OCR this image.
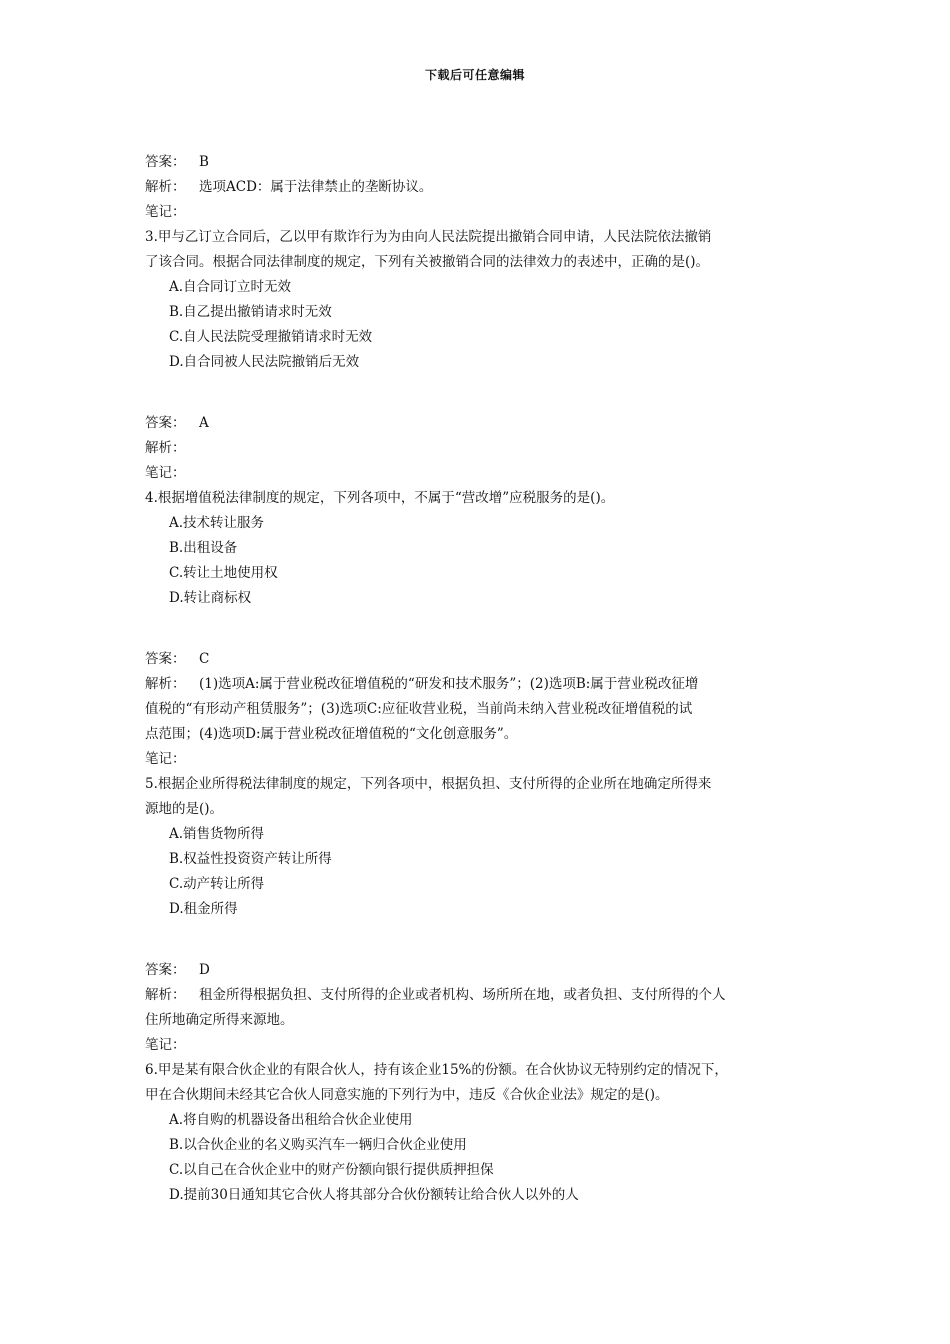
下载后可任意编辑

答案： B

解析： 选项ACD：属于法律禁止的垄断协议。

笔记：

3.甲与乙订立合同后，乙以甲有欺诈行为为由向人民法院提出撤销合同申请，人民法院依法撤销

了该合同。根据合同法律制度的规定，下列有关被撤销合同的法律效力的表述中，正确的是()。

A.自合同订立时无效

B.自乙提出撤销请求时无效

C.自人民法院受理撤销请求时无效

D.自合同被人民法院撤销后无效

答案： A

解析：

笔记：

4.根据增值税法律制度的规定，下列各项中，不属于“营改增”应税服务的是()。

A.技术转让服务

B.出租设备

C.转让土地使用权

D.转让商标权

答案： C

解析： (1)选项A:属于营业税改征增值税的“研发和技术服务”；(2)选项B:属于营业税改征增

值税的“有形动产租赁服务”；(3)选项C:应征收营业税，当前尚未纳入营业税改征增值税的试

点范围；(4)选项D:属于营业税改征增值税的“文化创意服务”。

笔记：

5.根据企业所得税法律制度的规定，下列各项中，根据负担、支付所得的企业所在地确定所得来

源地的是()。

A.销售货物所得

B.权益性投资资产转让所得

C.动产转让所得

D.租金所得

答案： D

解析： 租金所得根据负担、支付所得的企业或者机构、场所所在地，或者负担、支付所得的个人

住所地确定所得来源地。

笔记：

6.甲是某有限合伙企业的有限合伙人，持有该企业15%的份额。在合伙协议无特别约定的情况下，

甲在合伙期间未经其它合伙人同意实施的下列行为中，违反《合伙企业法》规定的是()。

A.将自购的机器设备出租给合伙企业使用

B.以合伙企业的名义购买汽车一辆归合伙企业使用

C.以自己在合伙企业中的财产份额向银行提供质押担保

D.提前30日通知其它合伙人将其部分合伙份额转让给合伙人以外的人
